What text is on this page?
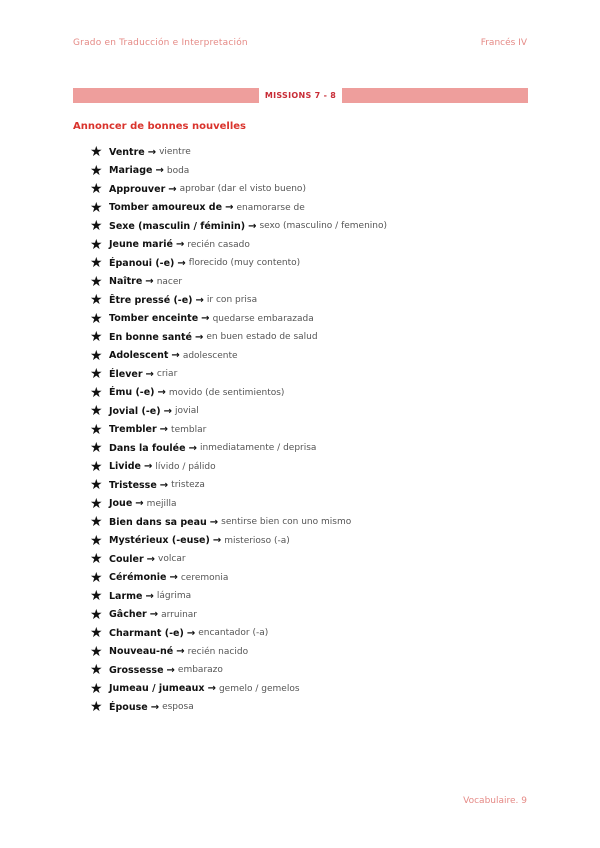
Grado en Traducción e Interpretación	Francés IV
MISSIONS 7 - 8
Annoncer de bonnes nouvelles
★ Ventre → vientre
★ Mariage → boda
★ Approuver → aprobar (dar el visto bueno)
★ Tomber amoureux de → enamorarse de
★ Sexe (masculin / féminin) → sexo (masculino / femenino)
★ Jeune marié → recién casado
★ Épanoui (-e) → florecido (muy contento)
★ Naître → nacer
★ Être pressé (-e) → ir con prisa
★ Tomber enceinte → quedarse embarazada
★ En bonne santé → en buen estado de salud
★ Adolescent → adolescente
★ Élever → criar
★ Ému (-e) → movido (de sentimientos)
★ Jovial (-e) → jovial
★ Trembler → temblar
★ Dans la foulée → inmediatamente / deprisa
★ Livide → lívido / pálido
★ Tristesse → tristeza
★ Joue → mejilla
★ Bien dans sa peau → sentirse bien con uno mismo
★ Mystérieux (-euse) → misterioso (-a)
★ Couler → volcar
★ Cérémonie → ceremonia
★ Larme → lágrima
★ Gâcher → arruinar
★ Charmant (-e) → encantador (-a)
★ Nouveau-né → recién nacido
★ Grossesse → embarazo
★ Jumeau / jumeaux → gemelo / gemelos
★ Épouse → esposa
Vocabulaire. 9
